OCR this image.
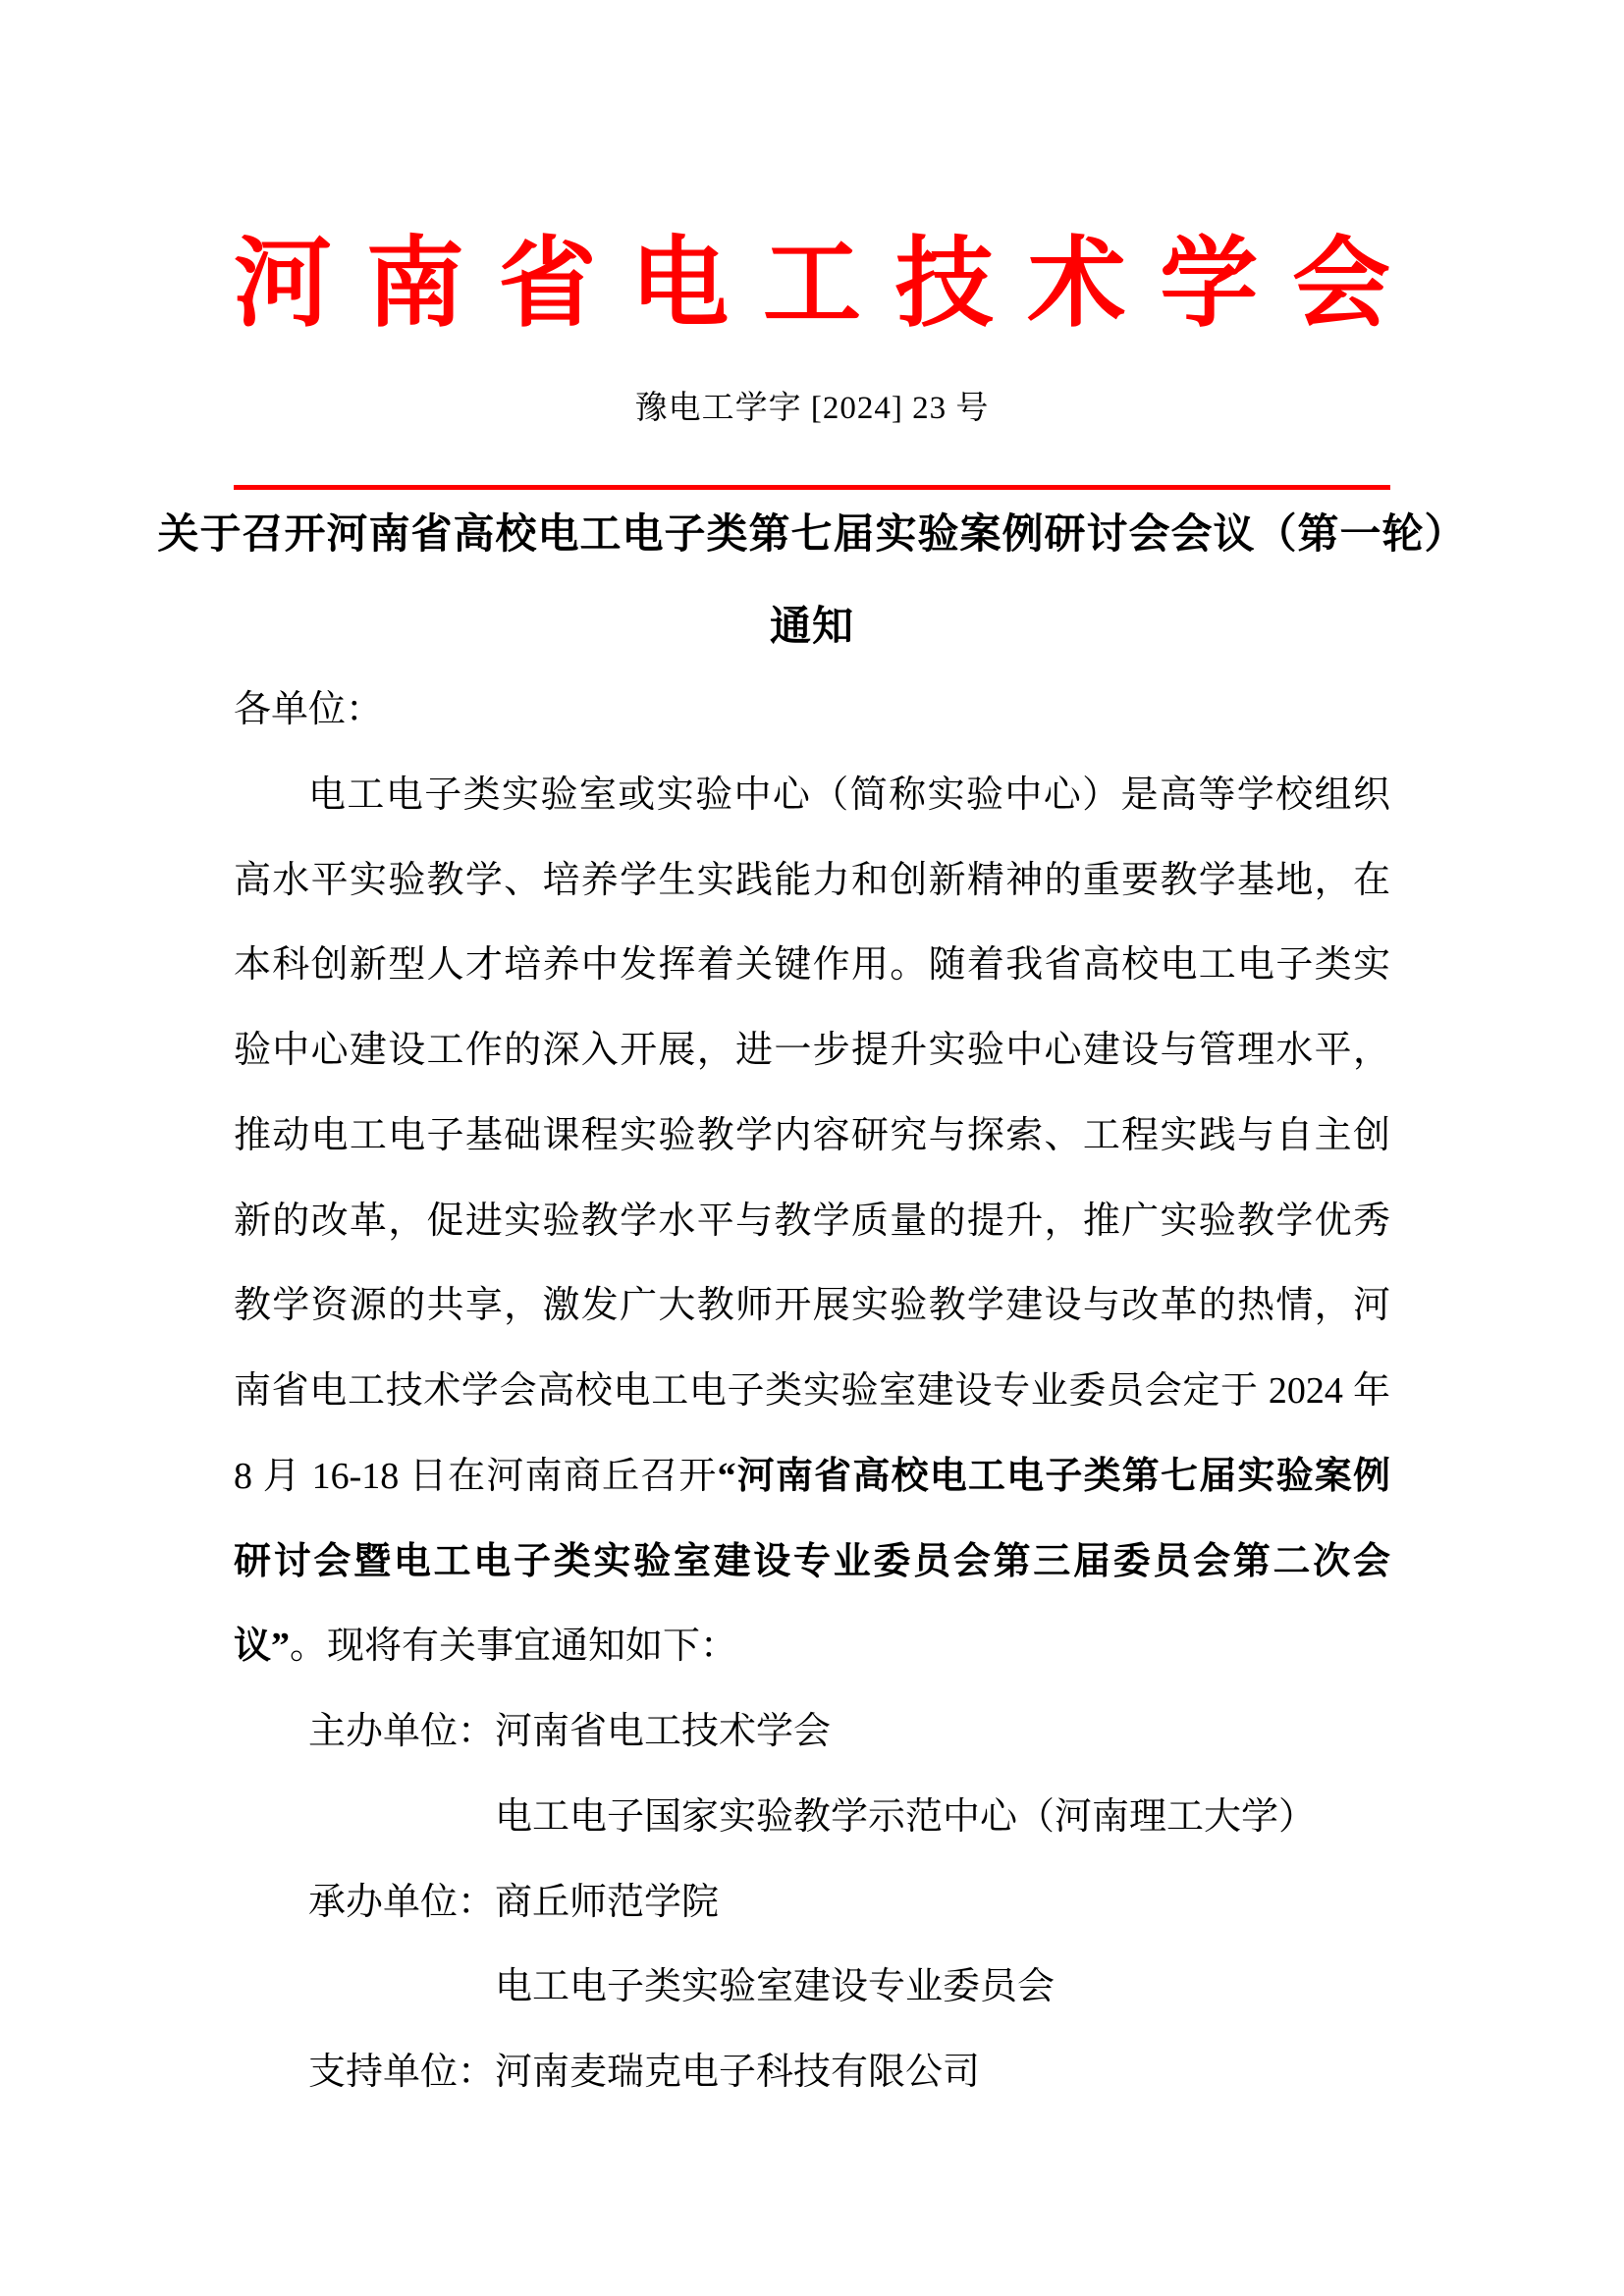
河 南 省 电 工 技 术 学 会
豫电工学字 [2024] 23 号
关于召开河南省高校电工电子类第七届实验案例研讨会会议（第一轮）
通知
各单位：
电工电子类实验室或实验中心（简称实验中心）是高等学校组织
高水平实验教学、培养学生实践能力和创新精神的重要教学基地，在
本科创新型人才培养中发挥着关键作用。随着我省高校电工电子类实
验中心建设工作的深入开展，进一步提升实验中心建设与管理水平，
推动电工电子基础课程实验教学内容研究与探索、工程实践与自主创
新的改革，促进实验教学水平与教学质量的提升，推广实验教学优秀
教学资源的共享，激发广大教师开展实验教学建设与改革的热情，河
南省电工技术学会高校电工电子类实验室建设专业委员会定于 2024 年
8 月 16-18 日在河南商丘召开“河南省高校电工电子类第七届实验案例
研讨会暨电工电子类实验室建设专业委员会第三届委员会第二次会
议”。现将有关事宜通知如下：
主办单位：河南省电工技术学会
电工电子国家实验教学示范中心（河南理工大学）
承办单位：商丘师范学院
电工电子类实验室建设专业委员会
支持单位：河南麦瑞克电子科技有限公司
